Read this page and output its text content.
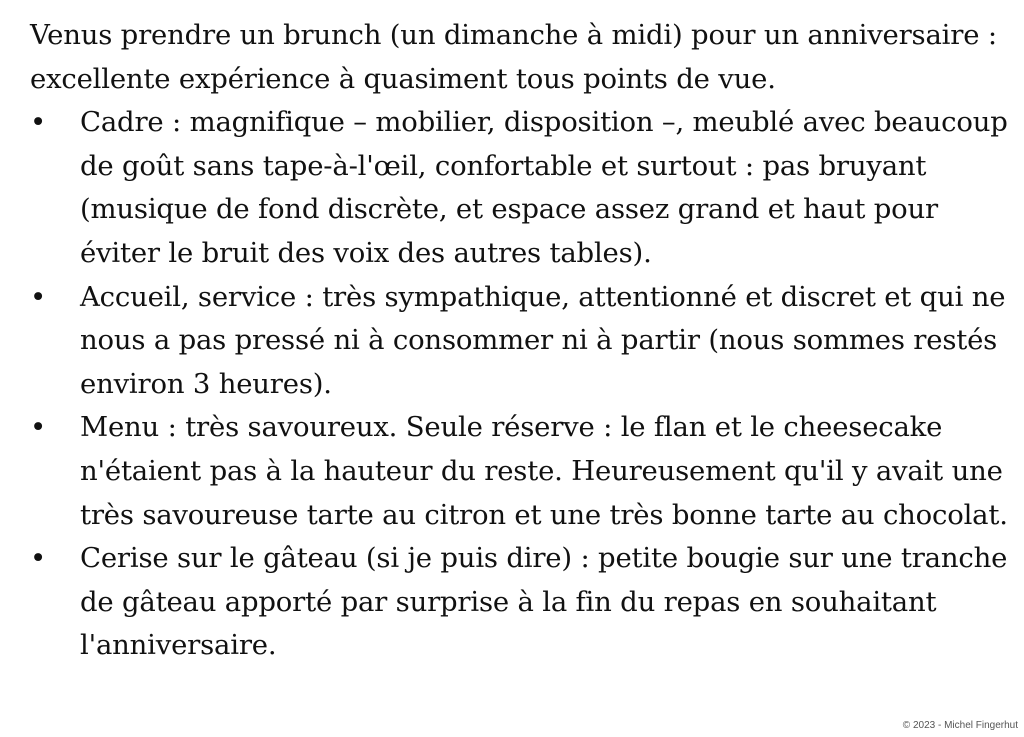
Venus prendre un brunch (un dimanche à midi) pour un anniversaire : excellente expérience à quasiment tous points de vue.

• Cadre : magnifique – mobilier, disposition –, meublé avec beaucoup de goût sans tape-à-l'œil, confortable et surtout : pas bruyant (musique de fond discrète, et espace assez grand et haut pour éviter le bruit des voix des autres tables).
• Accueil, service : très sympathique, attentionné et discret et qui ne nous a pas pressé ni à consommer ni à partir (nous sommes restés environ 3 heures).
• Menu : très savoureux. Seule réserve : le flan et le cheesecake n'étaient pas à la hauteur du reste. Heureusement qu'il y avait une très savoureuse tarte au citron et une très bonne tarte au chocolat.
• Cerise sur le gâteau (si je puis dire) : petite bougie sur une tranche de gâteau apporté par surprise à la fin du repas en souhaitant l'anniversaire.
© 2023 - Michel Fingerhut
